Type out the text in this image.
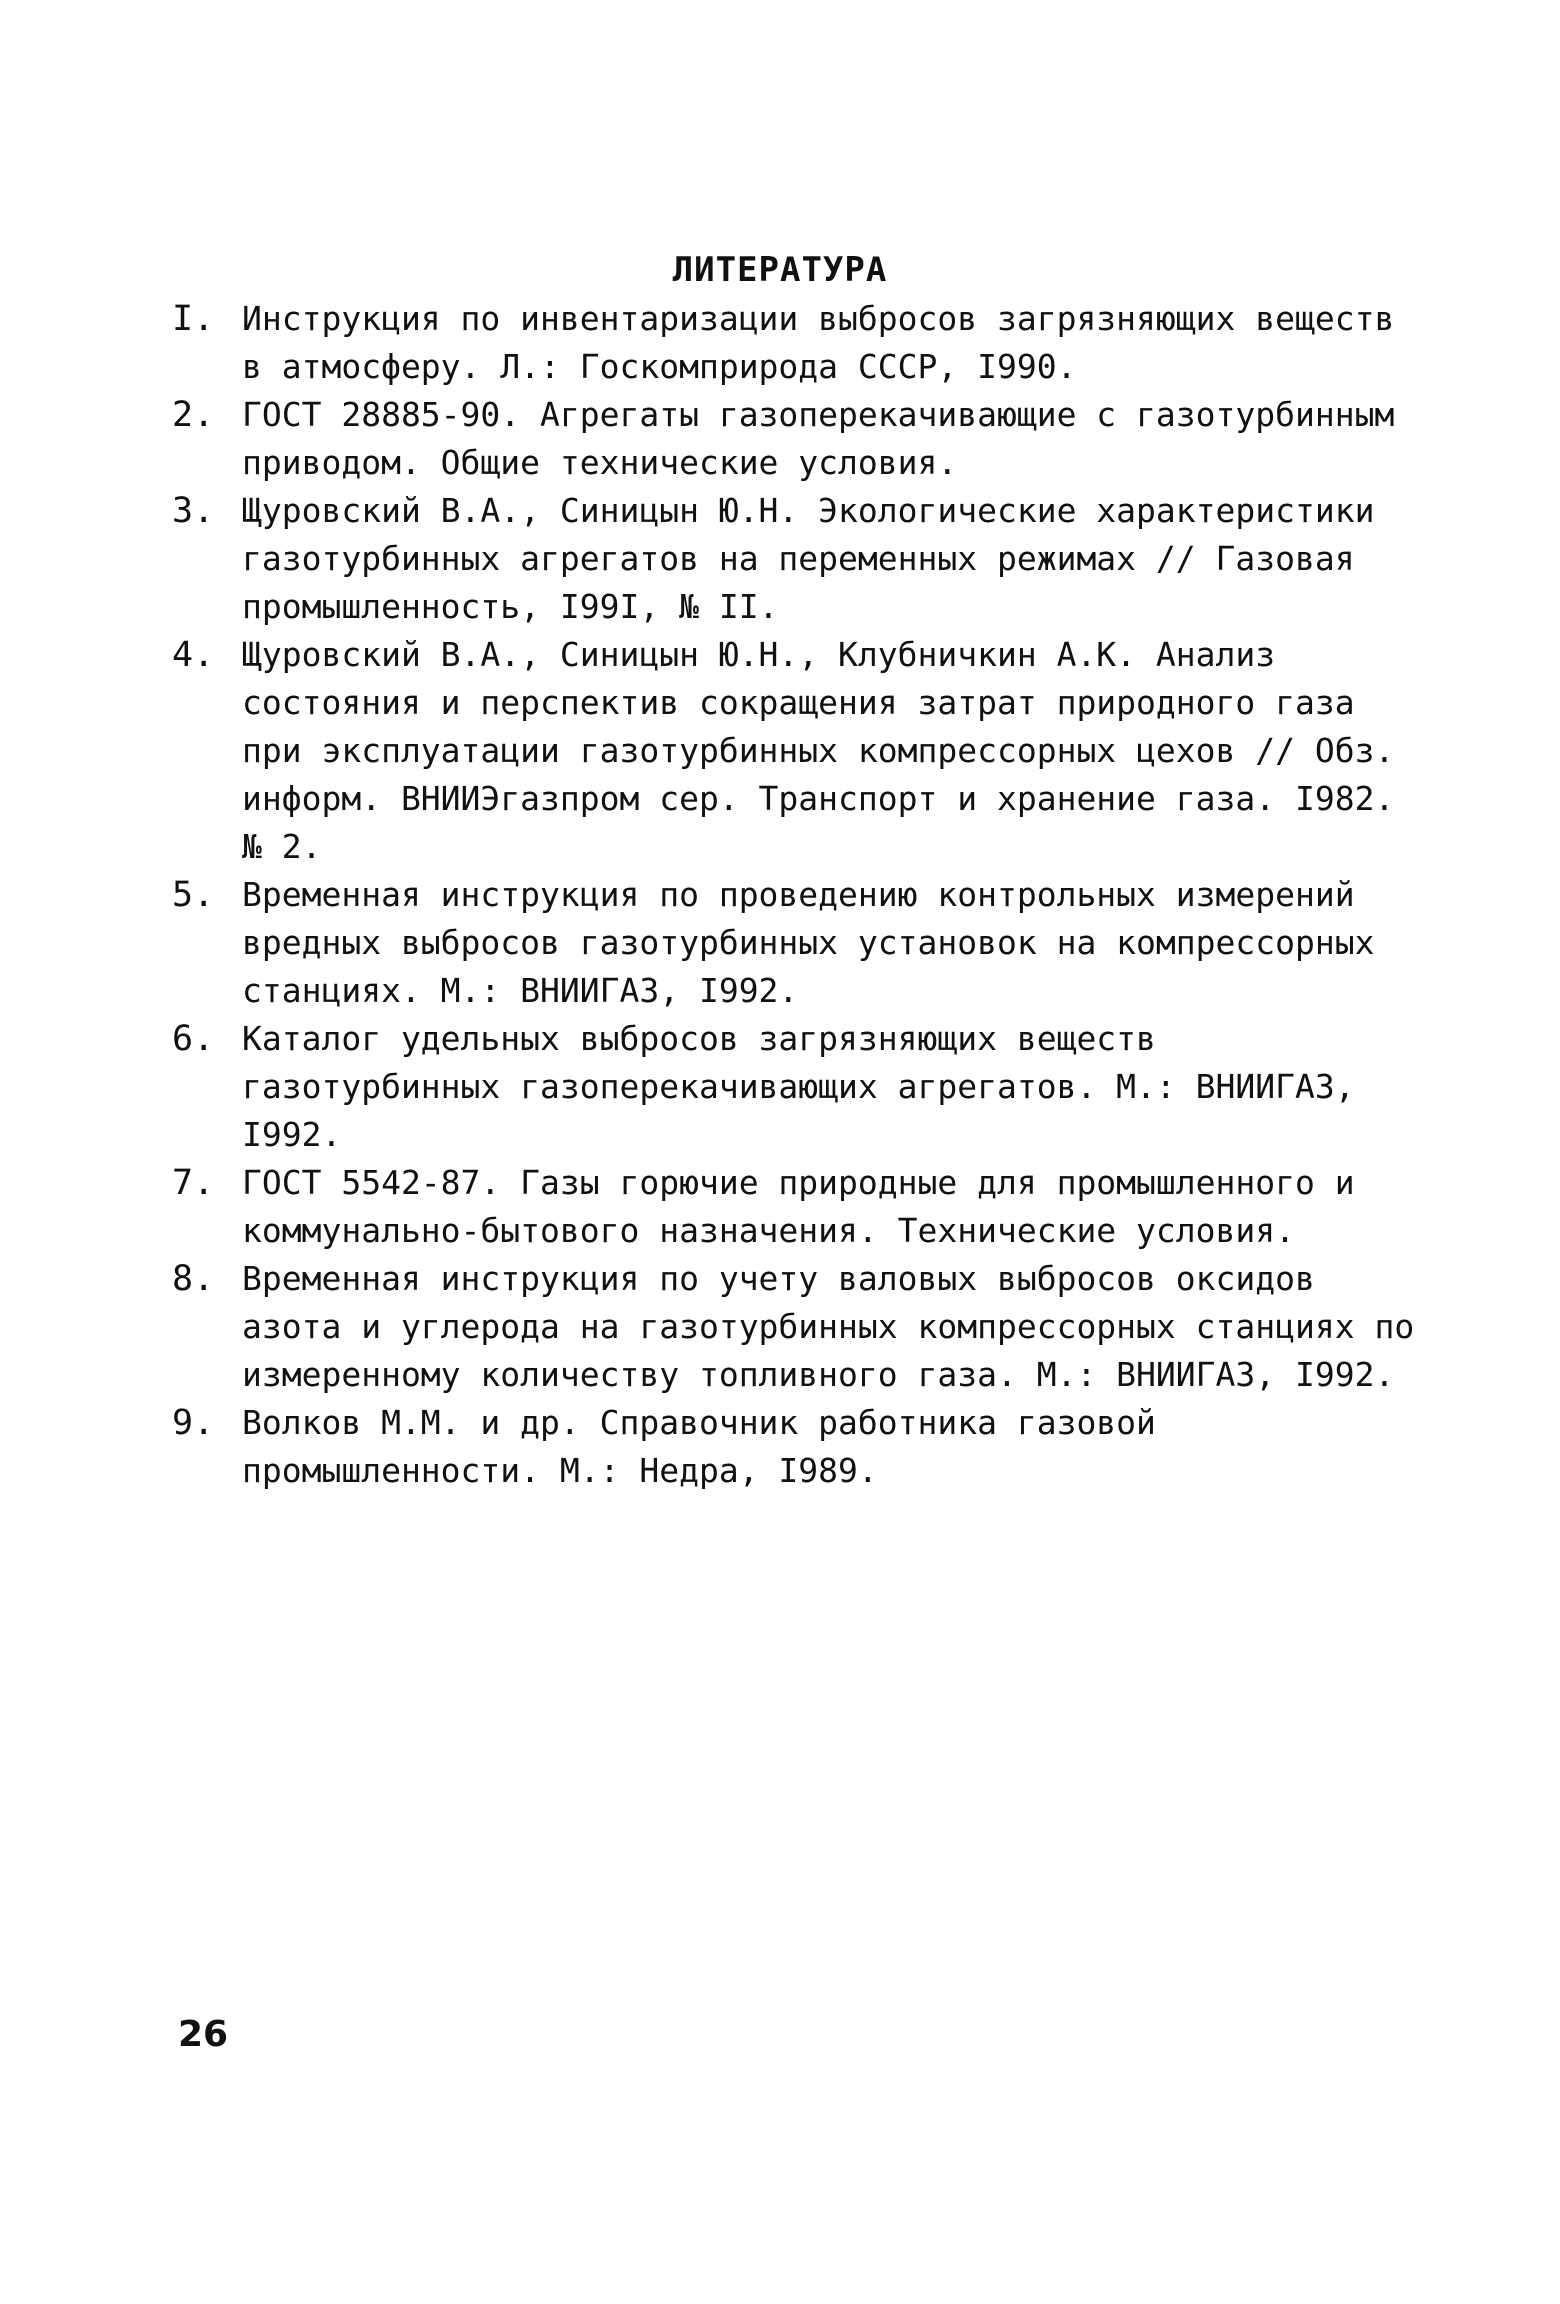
ЛИТЕРАТУРА
I. Инструкция по инвентаризации выбросов загрязняющих веществ в атмосферу. Л.: Госкомприрода СССР, I990.
2. ГОСТ 28885-90. Агрегаты газоперекачивающие с газотурбинным приводом. Общие технические условия.
3. Щуровский В.А., Синицын Ю.Н. Экологические характеристики газотурбинных агрегатов на переменных режимах // Газовая промышленность, I99I, № II.
4. Щуровский В.А., Синицын Ю.Н., Клубничкин А.К. Анализ состояния и перспектив сокращения затрат природного газа при эксплуатации газотурбинных компрессорных цехов // Обз. информ. ВНИИЭгазпром сер. Транспорт и хранение газа. I982. № 2.
5. Временная инструкция по проведению контрольных измерений вредных выбросов газотурбинных установок на компрессорных станциях. М.: ВНИИГАЗ, I992.
6. Каталог удельных выбросов загрязняющих веществ газотурбинных газоперекачивающих агрегатов. М.: ВНИИГАЗ, I992.
7. ГОСТ 5542-87. Газы горючие природные для промышленного и коммунально-бытового назначения. Технические условия.
8. Временная инструкция по учету валовых выбросов оксидов азота и углерода на газотурбинных компрессорных станциях по измеренному количеству топливного газа. М.: ВНИИГАЗ, I992.
9. Волков М.М. и др. Справочник работника газовой промышленности. М.: Недра, I989.
26
